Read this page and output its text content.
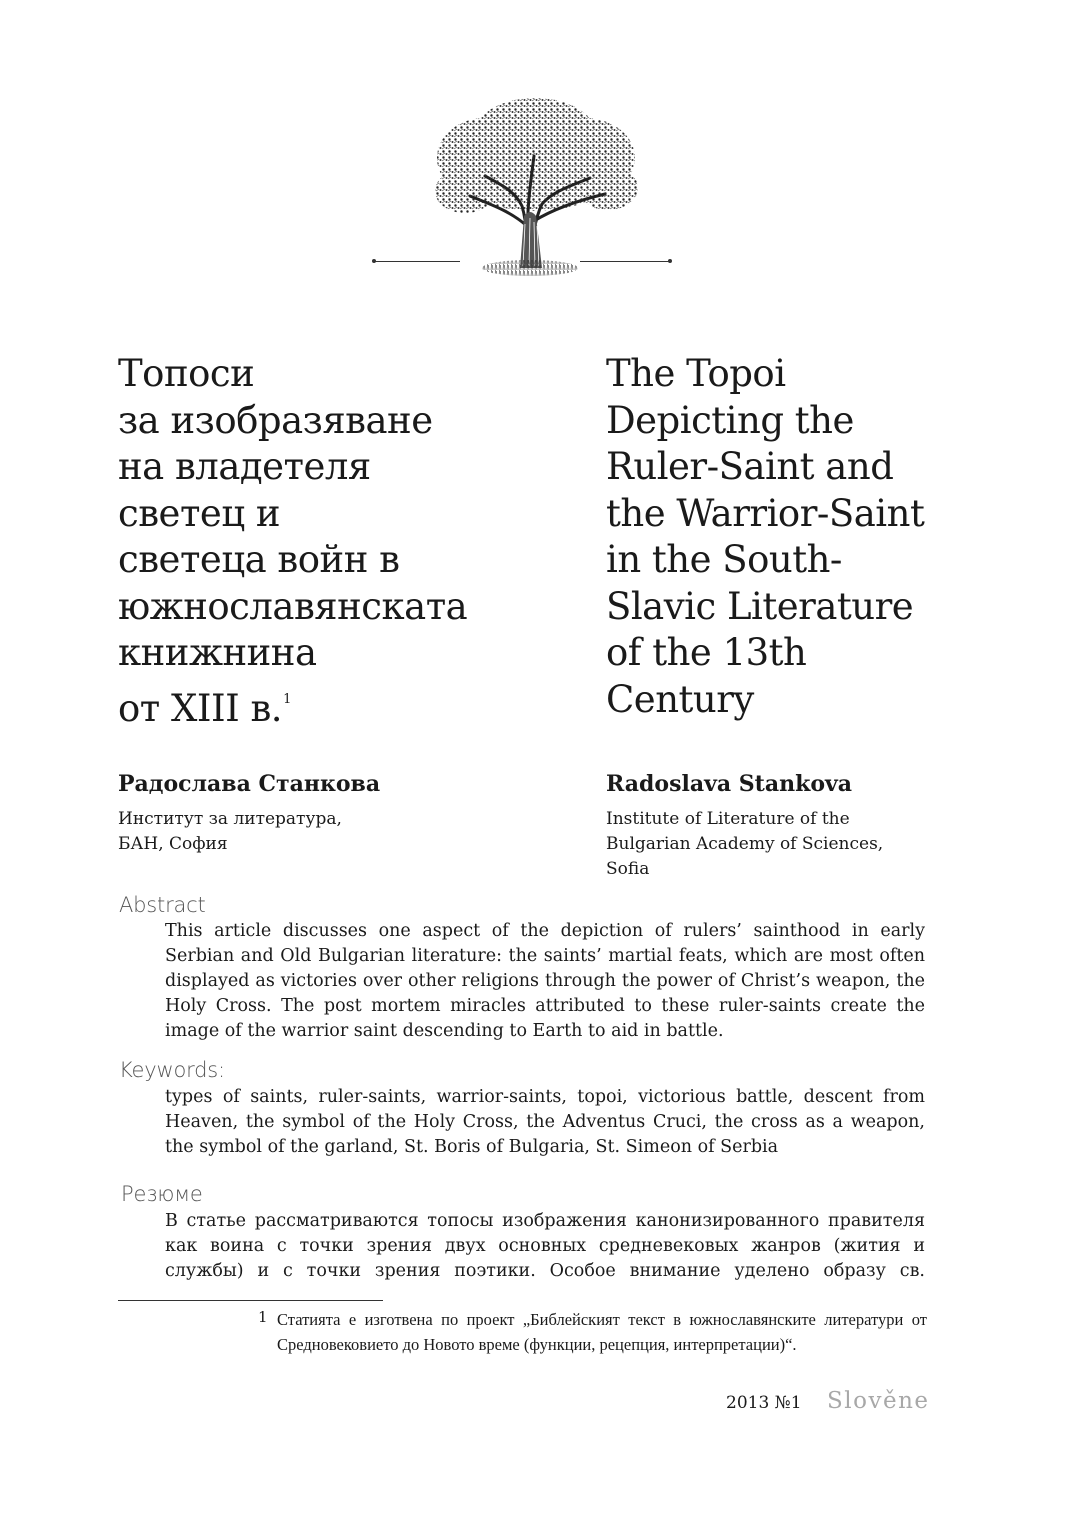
Топоси
за изобразяване
на владетеля
светец и
светеца войн в
южнославянската
книжнина
от XIII в.$^1$
The Topoi
Depicting the
Ruler-Saint and
the Warrior-Saint
in the South-
Slavic Literature
of the 13th
Century
Радослава Станкова
Институт за литература,
БАН, София
Radoslava Stankova
Institute of Literature of the
Bulgarian Academy of Sciences,
Sofia
Abstract
This article discusses one aspect of the depiction of rulers’ sainthood in early Serbian and Old Bulgarian literature: the saints’ martial feats, which are most often displayed as victories over other religions through the power of Christ’s weapon, the Holy Cross. The post mortem miracles attributed to these ruler-saints create the image of the warrior saint descending to Earth to aid in battle.
Keywords:
types of saints, ruler-saints, warrior-saints, topoi, victorious battle, descent from Heaven, the symbol of the Holy Cross, the Adventus Cruci, the cross as a weapon, the symbol of the garland, St. Boris of Bulgaria, St. Simeon of Serbia
Резюме
В статье рассматриваются топосы изображения канонизированного правителя как воина с точки зрения двух основных средневековых жанров (жития и службы) и с точки зрения поэтики. Особое внимание уделено образу св.
1 Статията е изготвена по проект „Библейският текст в южнославянските литератури от Средновековието до Новото време (функции, рецепция, интерпретации)“.
2013 №1 Slověne
